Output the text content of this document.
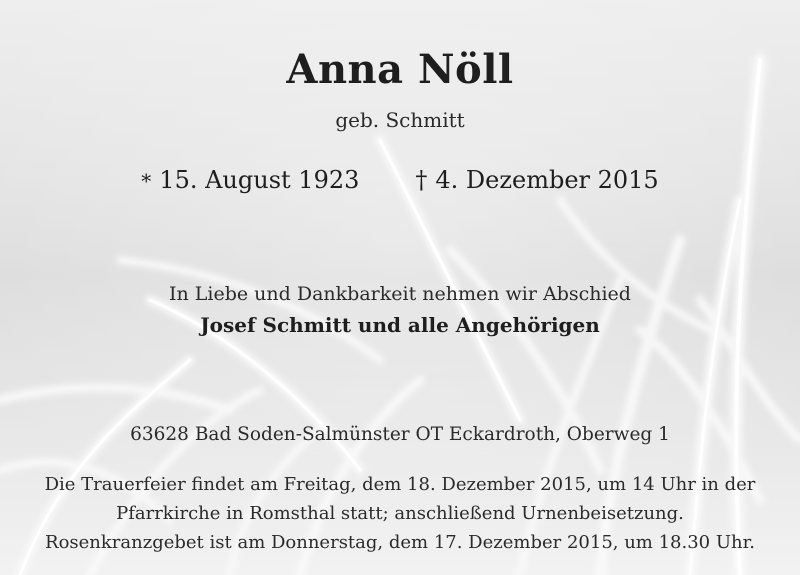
Anna Nöll
geb. Schmitt
* 15. August 1923 † 4. Dezember 2015
In Liebe und Dankbarkeit nehmen wir Abschied
Josef Schmitt und alle Angehörigen
63628 Bad Soden-Salmünster OT Eckardroth, Oberweg 1
Die Trauerfeier findet am Freitag, dem 18. Dezember 2015, um 14 Uhr in der
Pfarrkirche in Romsthal statt; anschließend Urnenbeisetzung.
Rosenkranzgebet ist am Donnerstag, dem 17. Dezember 2015, um 18.30 Uhr.
